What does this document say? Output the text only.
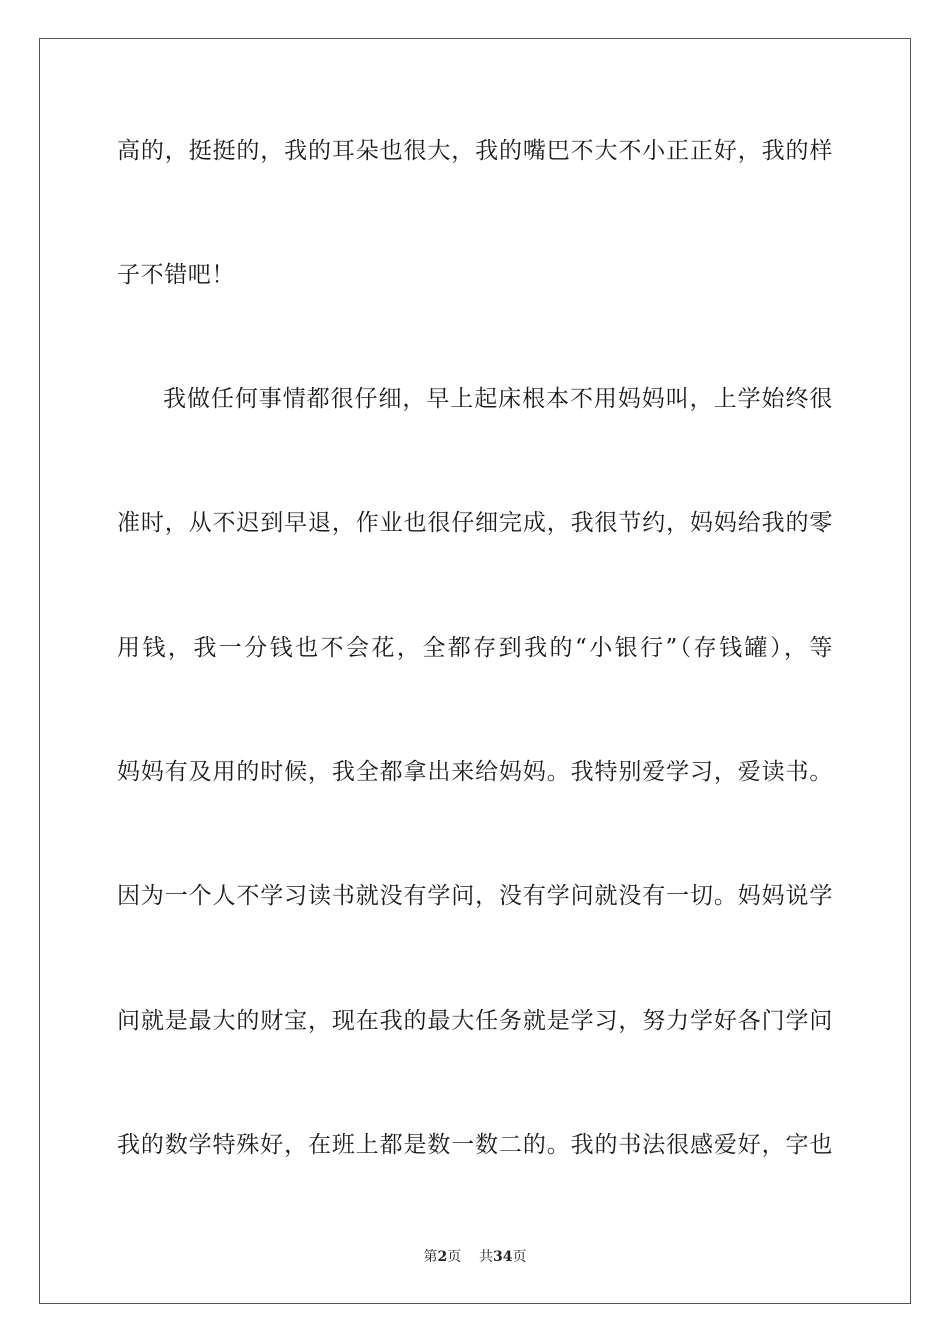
高的，挺挺的，我的耳朵也很大，我的嘴巴不大不小正正好，我的样
子不错吧！
我做任何事情都很仔细，早上起床根本不用妈妈叫，上学始终很
准时，从不迟到早退，作业也很仔细完成，我很节约，妈妈给我的零
用钱，我一分钱也不会花，全都存到我的“小银行”（存钱罐），等
妈妈有及用的时候，我全都拿出来给妈妈。我特别爱学习，爱读书。
因为一个人不学习读书就没有学问，没有学问就没有一切。妈妈说学
问就是最大的财宝，现在我的最大任务就是学习，努力学好各门学问
我的数学特殊好，在班上都是数一数二的。我的书法很感爱好，字也
第2页 共34页
